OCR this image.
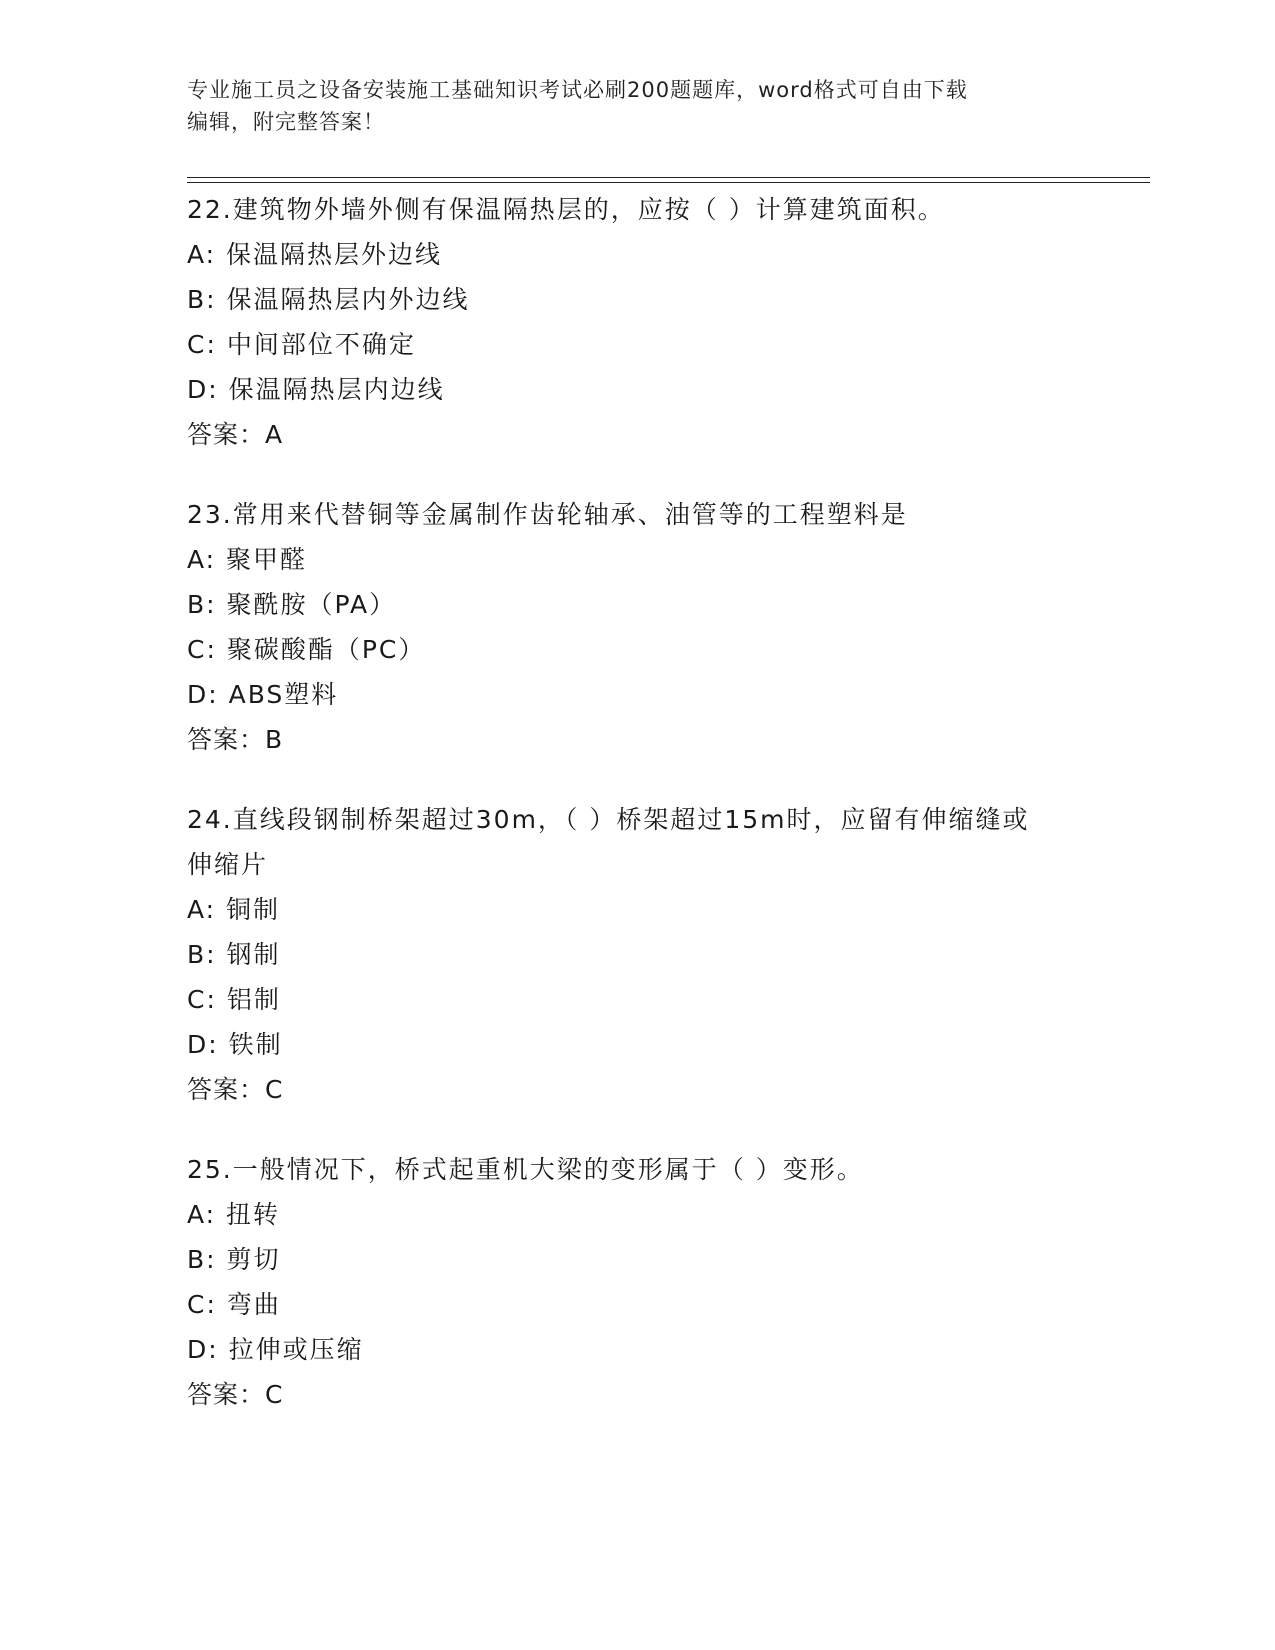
专业施工员之设备安装施工基础知识考试必刷200题题库，word格式可自由下载
编辑，附完整答案！
22.建筑物外墙外侧有保温隔热层的，应按（ ）计算建筑面积。
A: 保温隔热层外边线
B: 保温隔热层内外边线
C: 中间部位不确定
D: 保温隔热层内边线
答案：A
23.常用来代替铜等金属制作齿轮轴承、油管等的工程塑料是
A: 聚甲醛
B: 聚酰胺（PA）
C: 聚碳酸酯（PC）
D: ABS塑料
答案：B
24.直线段钢制桥架超过30m，（ ）桥架超过15m时，应留有伸缩缝或
伸缩片
A: 铜制
B: 钢制
C: 铝制
D: 铁制
答案：C
25.一般情况下，桥式起重机大梁的变形属于（ ）变形。
A: 扭转
B: 剪切
C: 弯曲
D: 拉伸或压缩
答案：C
